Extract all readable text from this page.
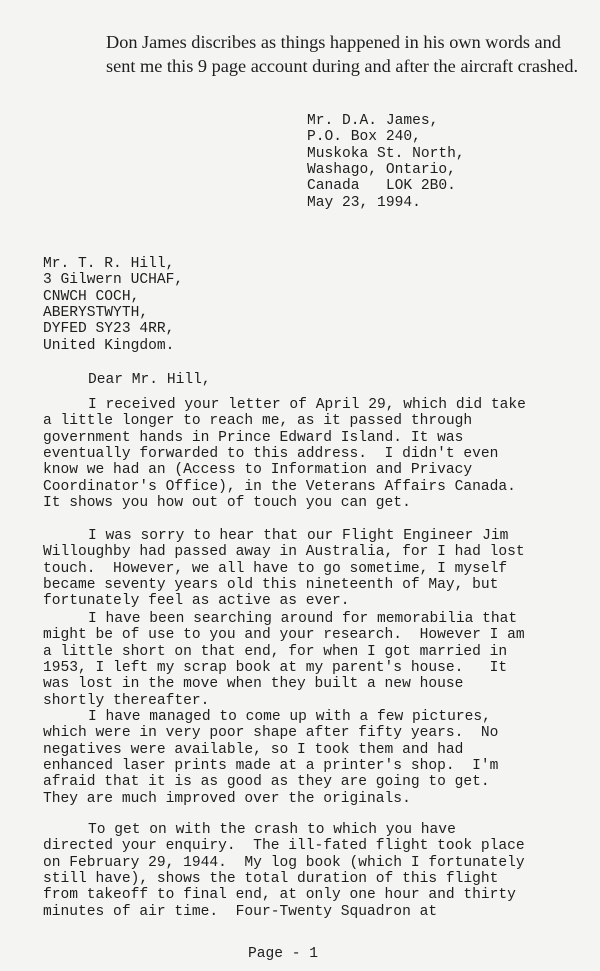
Don James discribes as things happened in his own words and
sent me this 9 page account during and after the aircraft crashed.
Mr. D.A. James,
P.O. Box 240,
Muskoka St. North,
Washago, Ontario,
Canada   LOK 2B0.
May 23, 1994.
Mr. T. R. Hill,
3 Gilwern UCHAF,
CNWCH COCH,
ABERYSTWYTH,
DYFED SY23 4RR,
United Kingdom.
Dear Mr. Hill,
I received your letter of April 29, which did take
a little longer to reach me, as it passed through
government hands in Prince Edward Island. It was
eventually forwarded to this address.  I didn't even
know we had an (Access to Information and Privacy
Coordinator's Office), in the Veterans Affairs Canada.
It shows you how out of touch you can get.
I was sorry to hear that our Flight Engineer Jim
Willoughby had passed away in Australia, for I had lost
touch.  However, we all have to go sometime, I myself
became seventy years old this nineteenth of May, but
fortunately feel as active as ever.
I have been searching around for memorabilia that
might be of use to you and your research.  However I am
a little short on that end, for when I got married in
1953, I left my scrap book at my parent's house.   It
was lost in the move when they built a new house
shortly thereafter.
I have managed to come up with a few pictures,
which were in very poor shape after fifty years.  No
negatives were available, so I took them and had
enhanced laser prints made at a printer's shop.  I'm
afraid that it is as good as they are going to get.
They are much improved over the originals.
To get on with the crash to which you have
directed your enquiry.  The ill-fated flight took place
on February 29, 1944.  My log book (which I fortunately
still have), shows the total duration of this flight
from takeoff to final end, at only one hour and thirty
minutes of air time.  Four-Twenty Squadron at
Page - 1
